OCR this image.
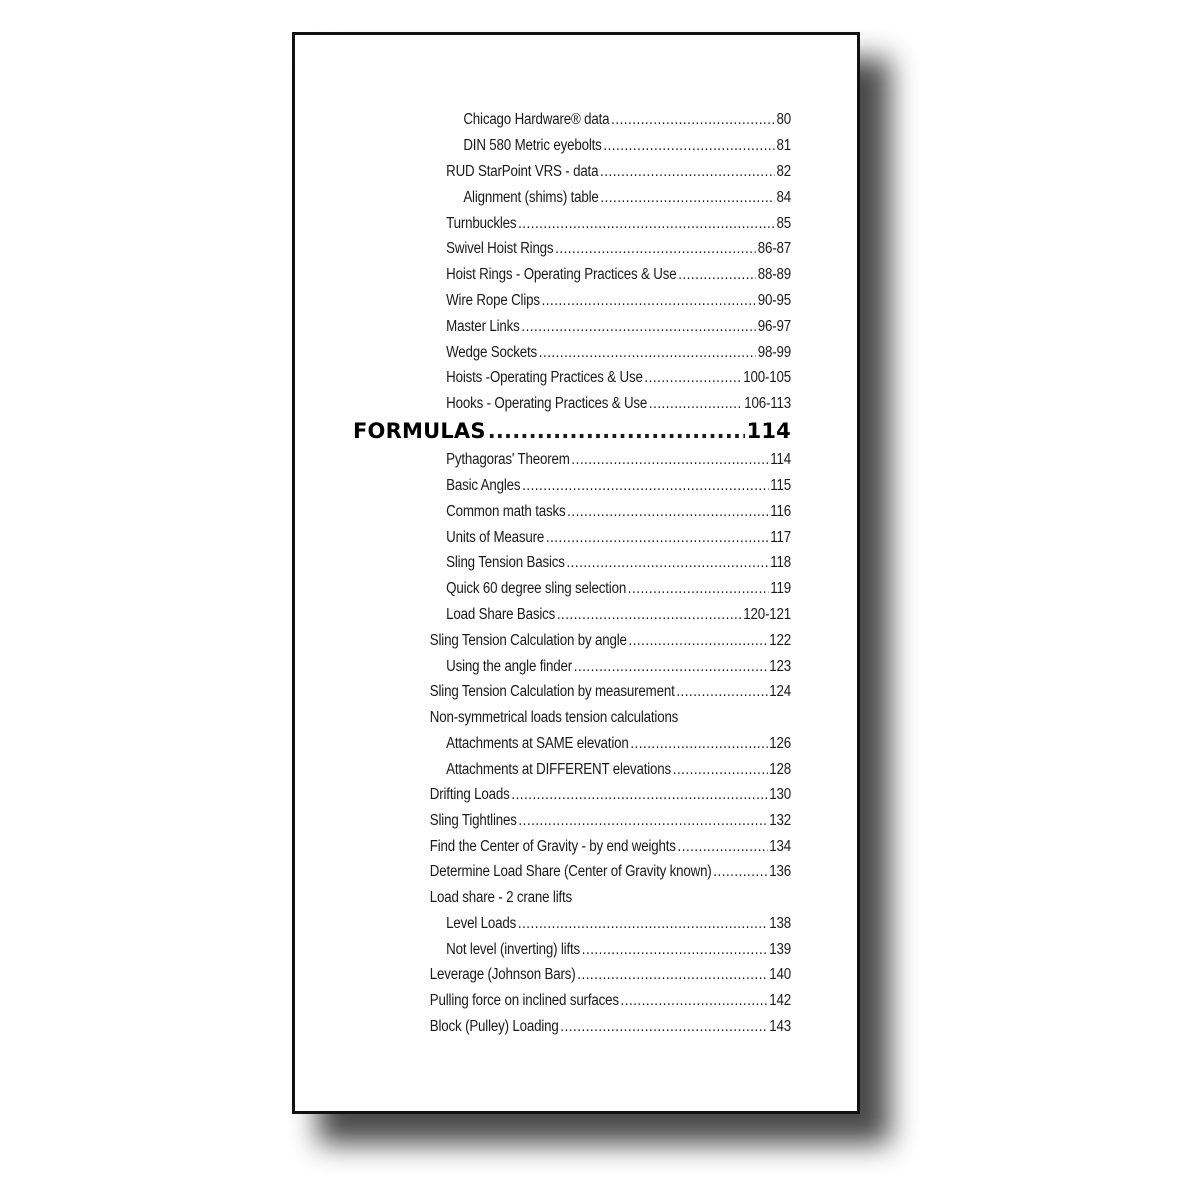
Chicago Hardware® data .....	80
DIN 580 Metric eyebolts .....	81
RUD StarPoint VRS - data .....	82
Alignment (shims) table .....	84
Turnbuckles .....	85
Swivel Hoist Rings .....	86-87
Hoist Rings - Operating Practices & Use .....	88-89
Wire Rope Clips .....	90-95
Master Links .....	96-97
Wedge Sockets .....	98-99
Hoists -Operating Practices & Use .....	100-105
Hooks - Operating Practices & Use .....	106-113
FORMULAS .....	114
Pythagoras' Theorem .....	114
Basic Angles .....	115
Common math tasks .....	116
Units of Measure .....	117
Sling Tension Basics .....	118
Quick 60 degree sling selection .....	119
Load Share Basics .....	120-121
Sling Tension Calculation by angle .....	122
Using the angle finder .....	123
Sling Tension Calculation by measurement .....	124
Non-symmetrical loads tension calculations
Attachments at SAME elevation .....	126
Attachments at DIFFERENT elevations .....	128
Drifting Loads .....	130
Sling Tightlines .....	132
Find the Center of Gravity - by end weights .....	134
Determine Load Share (Center of Gravity known) .....	136
Load share - 2 crane lifts
Level Loads .....	138
Not level (inverting) lifts .....	139
Leverage (Johnson Bars) .....	140
Pulling force on inclined surfaces .....	142
Block (Pulley) Loading .....	143
